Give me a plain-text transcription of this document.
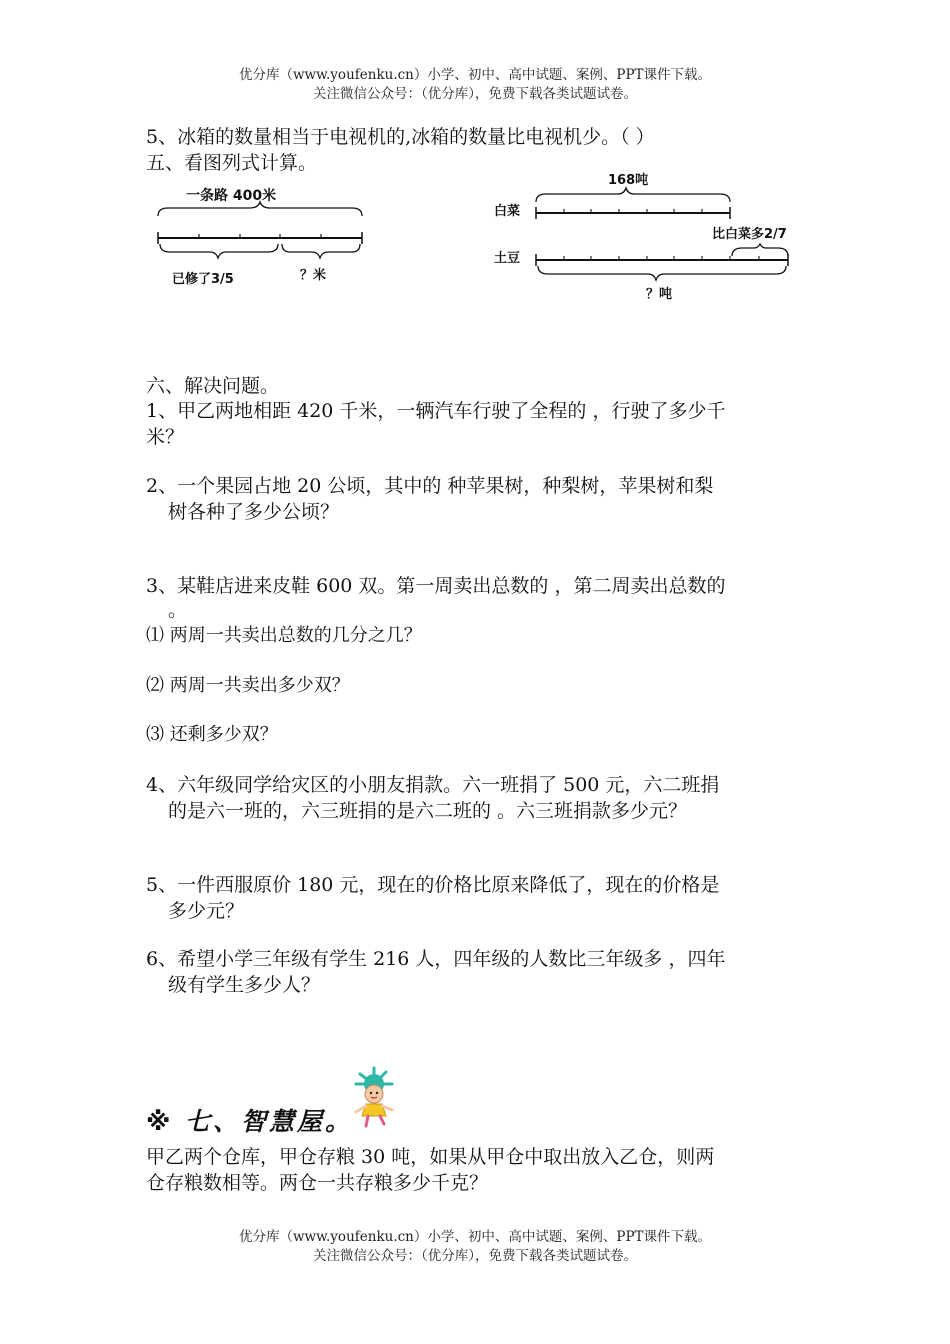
优分库（www.youfenku.cn）小学、初中、高中试题、案例、PPT课件下载。
关注微信公众号：（优分库），免费下载各类试题试卷。
5、冰箱的数量相当于电视机的,冰箱的数量比电视机少。（ ）
五、看图列式计算。
一条路 400米
已修了3/5	？米
168吨
白菜
比白菜多2/7
土豆
？吨
六、解决问题。
1、甲乙两地相距 420 千米，一辆汽车行驶了全程的 ，行驶了多少千
米？
2、一个果园占地 20 公顷，其中的 种苹果树，种梨树，苹果树和梨
树各种了多少公顷？
3、某鞋店进来皮鞋 600 双。第一周卖出总数的 ，第二周卖出总数的
。
⑴ 两周一共卖出总数的几分之几？
⑵ 两周一共卖出多少双？
⑶ 还剩多少双？
4、六年级同学给灾区的小朋友捐款。六一班捐了 500 元，六二班捐
的是六一班的，六三班捐的是六二班的 。六三班捐款多少元？
5、一件西服原价 180 元，现在的价格比原来降低了，现在的价格是
多少元？
6、希望小学三年级有学生 216 人，四年级的人数比三年级多 ，四年
级有学生多少人？
※ 七、智慧屋。
甲乙两个仓库，甲仓存粮 30 吨，如果从甲仓中取出放入乙仓，则两
仓存粮数相等。两仓一共存粮多少千克？
优分库（www.youfenku.cn）小学、初中、高中试题、案例、PPT课件下载。
关注微信公众号：（优分库），免费下载各类试题试卷。
